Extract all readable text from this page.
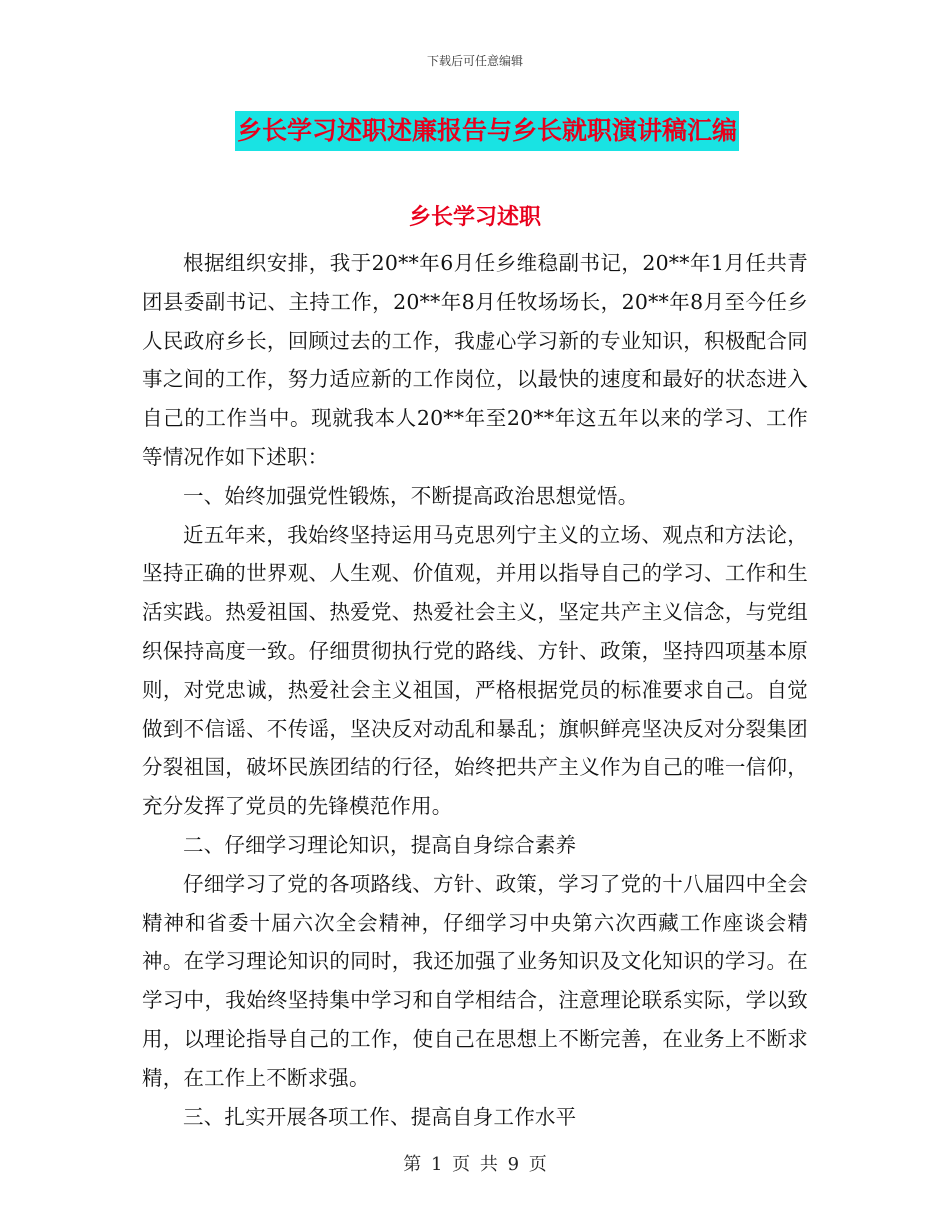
下载后可任意编辑
乡长学习述职述廉报告与乡长就职演讲稿汇编
乡长学习述职

根据组织安排，我于20**年6月任乡维稳副书记，20**年1月任共青团县委副书记、主持工作，20**年8月任牧场场长，20**年8月至今任乡人民政府乡长，回顾过去的工作，我虚心学习新的专业知识，积极配合同事之间的工作，努力适应新的工作岗位，以最快的速度和最好的状态进入自己的工作当中。现就我本人20**年至20**年这五年以来的学习、工作等情况作如下述职：

一、始终加强党性锻炼，不断提高政治思想觉悟。

近五年来，我始终坚持运用马克思列宁主义的立场、观点和方法论，坚持正确的世界观、人生观、价值观，并用以指导自己的学习、工作和生活实践。热爱祖国、热爱党、热爱社会主义，坚定共产主义信念，与党组织保持高度一致。仔细贯彻执行党的路线、方针、政策，坚持四项基本原则，对党忠诚，热爱社会主义祖国，严格根据党员的标准要求自己。自觉做到不信谣、不传谣，坚决反对动乱和暴乱；旗帜鲜亮坚决反对分裂集团分裂祖国，破坏民族团结的行径，始终把共产主义作为自己的唯一信仰，充分发挥了党员的先锋模范作用。

二、仔细学习理论知识，提高自身综合素养

仔细学习了党的各项路线、方针、政策，学习了党的十八届四中全会精神和省委十届六次全会精神，仔细学习中央第六次西藏工作座谈会精神。在学习理论知识的同时，我还加强了业务知识及文化知识的学习。在学习中，我始终坚持集中学习和自学相结合，注意理论联系实际，学以致用，以理论指导自己的工作，使自己在思想上不断完善，在业务上不断求精，在工作上不断求强。

三、扎实开展各项工作、提高自身工作水平

第 1 页 共 9 页
